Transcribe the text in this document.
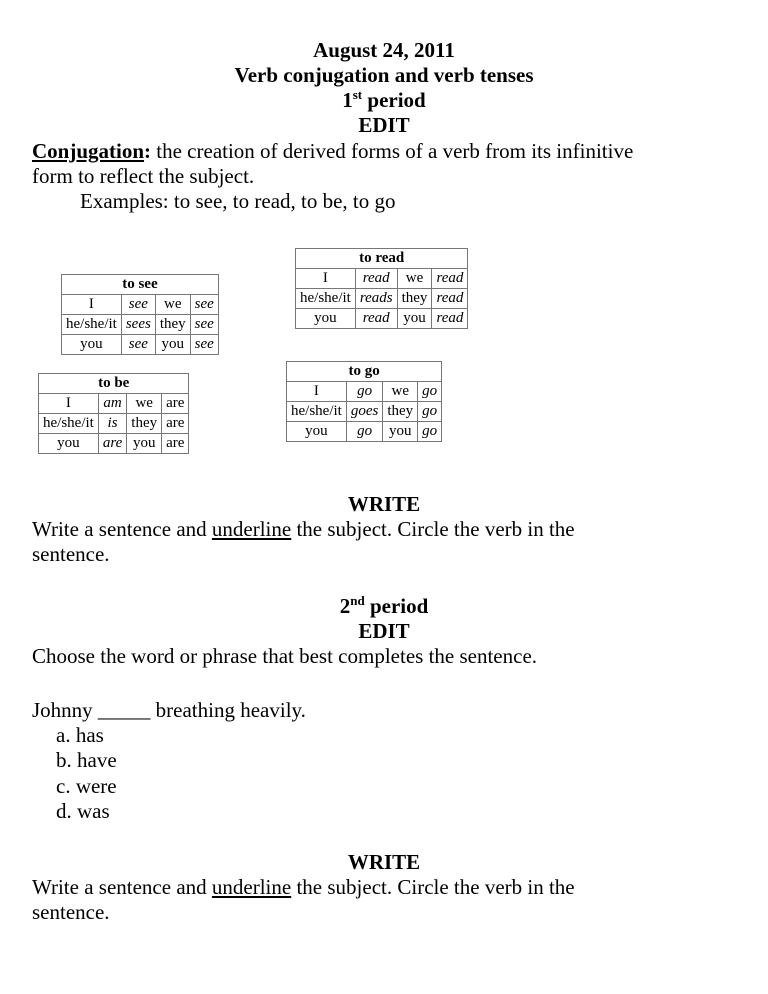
August 24, 2011
Verb conjugation and verb tenses
1st period
EDIT
Conjugation: the creation of derived forms of a verb from its infinitive
form to reflect the subject.
Examples: to see, to read, to be, to go
to see			
I	see	we	see
he/she/it	sees	they	see
you	see	you	see
to read			
I	read	we	read
he/she/it	reads	they	read
you	read	you	read
to be			
I	am	we	are
he/she/it	is	they	are
you	are	you	are
to go			
I	go	we	go
he/she/it	goes	they	go
you	go	you	go
WRITE
Write a sentence and underline the subject. Circle the verb in the
sentence.
2nd period
EDIT
Choose the word or phrase that best completes the sentence.
Johnny _____ breathing heavily.
a. has
b. have
c. were
d. was
WRITE
Write a sentence and underline the subject. Circle the verb in the
sentence.
